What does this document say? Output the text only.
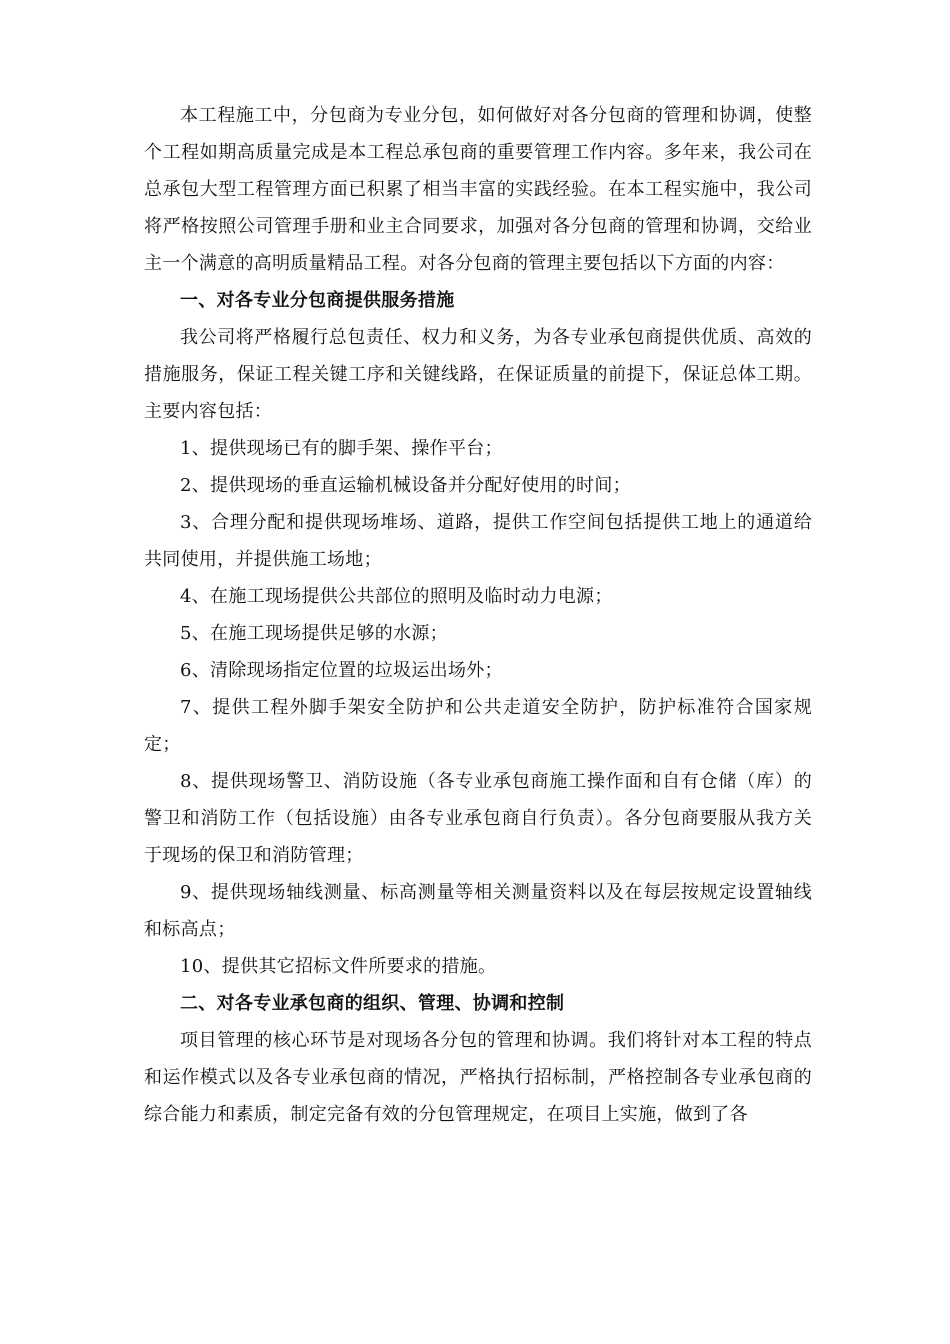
本工程施工中，分包商为专业分包，如何做好对各分包商的管理和协调，使整个工程如期高质量完成是本工程总承包商的重要管理工作内容。多年来，我公司在总承包大型工程管理方面已积累了相当丰富的实践经验。在本工程实施中，我公司将严格按照公司管理手册和业主合同要求，加强对各分包商的管理和协调，交给业主一个满意的高明质量精品工程。对各分包商的管理主要包括以下方面的内容：

一、对各专业分包商提供服务措施

我公司将严格履行总包责任、权力和义务，为各专业承包商提供优质、高效的措施服务，保证工程关键工序和关键线路，在保证质量的前提下，保证总体工期。主要内容包括：

1、提供现场已有的脚手架、操作平台；

2、提供现场的垂直运输机械设备并分配好使用的时间；

3、合理分配和提供现场堆场、道路，提供工作空间包括提供工地上的通道给共同使用，并提供施工场地；

4、在施工现场提供公共部位的照明及临时动力电源；

5、在施工现场提供足够的水源；

6、清除现场指定位置的垃圾运出场外；

7、提供工程外脚手架安全防护和公共走道安全防护，防护标准符合国家规定；

8、提供现场警卫、消防设施（各专业承包商施工操作面和自有仓储（库）的警卫和消防工作（包括设施）由各专业承包商自行负责）。各分包商要服从我方关于现场的保卫和消防管理；

9、提供现场轴线测量、标高测量等相关测量资料以及在每层按规定设置轴线和标高点；

10、提供其它招标文件所要求的措施。

二、对各专业承包商的组织、管理、协调和控制

项目管理的核心环节是对现场各分包的管理和协调。我们将针对本工程的特点和运作模式以及各专业承包商的情况，严格执行招标制，严格控制各专业承包商的综合能力和素质，制定完备有效的分包管理规定，在项目上实施，做到了各
